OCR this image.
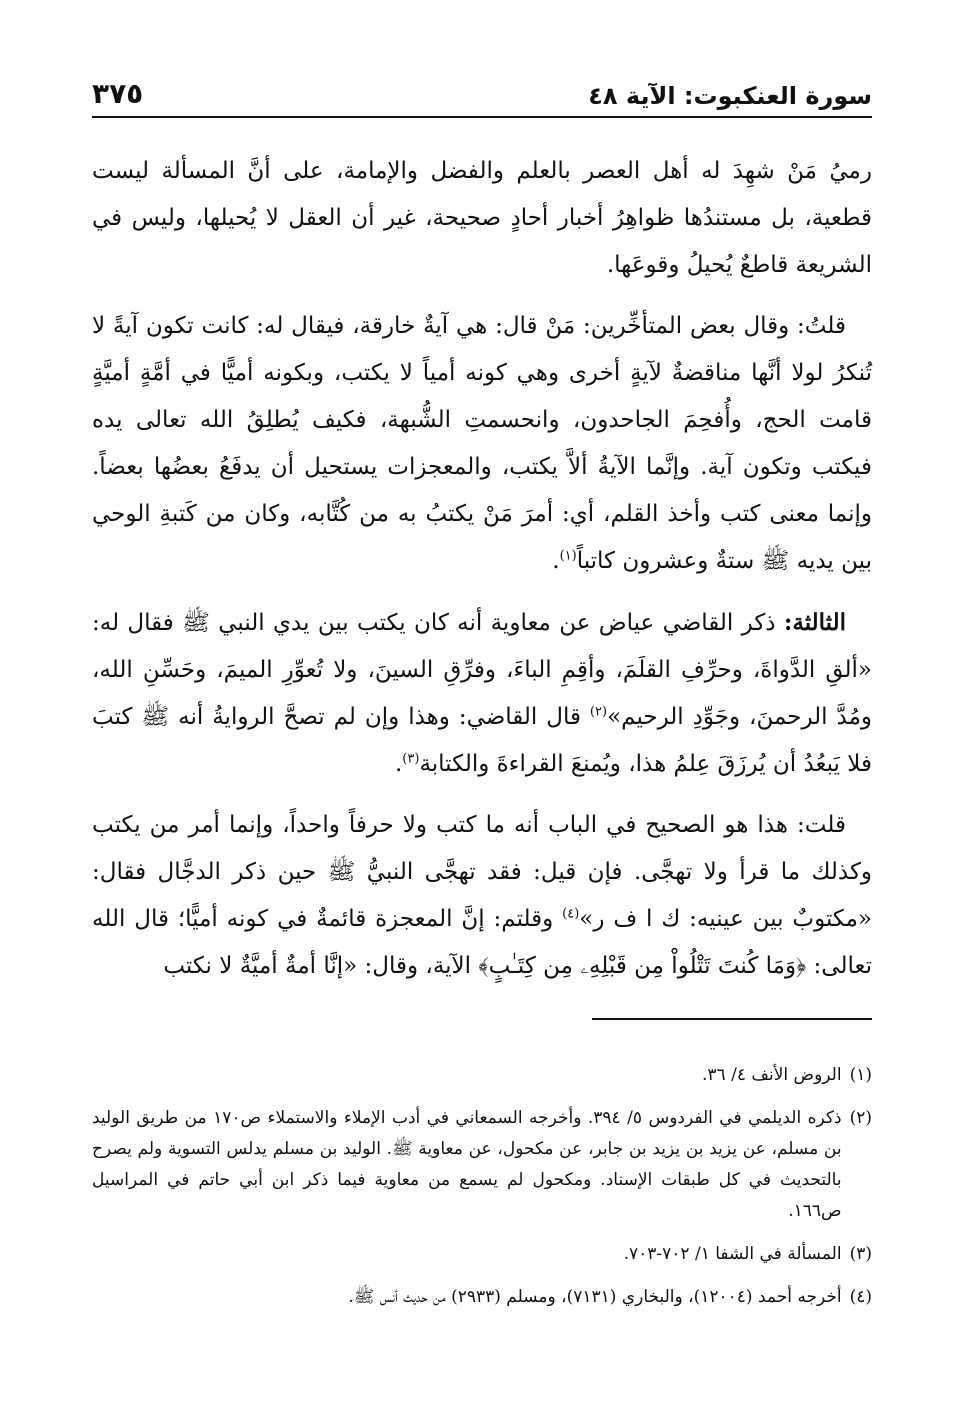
سورة العنكبوت: الآية ٤٨
٣٧٥

رميُ مَنْ شهِدَ له أهل العصر بالعلم والفضل والإمامة، على أنَّ المسألة ليست قطعية، بل مستندُها ظواهِرُ أخبار أحادٍ صحيحة، غير أن العقل لا يُحيلها، وليس في الشريعة قاطعٌ يُحيلُ وقوعَها.

قلتُ: وقال بعض المتأخِّرين: مَنْ قال: هي آيةٌ خارقة، فيقال له: كانت تكون آيةً لا تُنكرُ لولا أنَّها مناقضةٌ لآيةٍ أخرى وهي كونه أمياً لا يكتب، وبكونه أميًّا في أمَّةٍ أميَّةٍ قامت الحج، وأُفحِمَ الجاحدون، وانحسمتِ الشُّبهة، فكيف يُطلِقُ الله تعالى يده فيكتب وتكون آية. وإنَّما الآيةُ ألاَّ يكتب، والمعجزات يستحيل أن يدفَعُ بعضُها بعضاً. وإنما معنى كتب وأخذ القلم، أي: أمرَ مَنْ يكتبُ به من كُتَّابه، وكان من كَتبةِ الوحي بين يديه ﷺ ستةٌ وعشرون كاتباً$^{(١)}$.

الثالثة: ذكر القاضي عياض عن معاوية أنه كان يكتب بين يدي النبي ﷺ فقال له: «ألقِ الدَّواةَ، وحرِّفِ القلَمَ، وأقِمِ الباءَ، وفرِّقِ السينَ، ولا تُعوِّرِ الميمَ، وحَسِّنِ الله، ومُدَّ الرحمنَ، وجَوِّدِ الرحيم»$^{(٢)}$ قال القاضي: وهذا وإن لم تصحَّ الروايةُ أنه ﷺ كتبَ فلا يَبعُدُ أن يُرزَقَ عِلمُ هذا، ويُمنعَ القراءةَ والكتابة$^{(٣)}$.

قلت: هذا هو الصحيح في الباب أنه ما كتب ولا حرفاً واحداً، وإنما أمر من يكتب وكذلك ما قرأ ولا تهجَّى. فإن قيل: فقد تهجَّى النبيُّ ﷺ حين ذكر الدجَّال فقال: «مكتوبٌ بين عينيه: ك ا ف ر»$^{(٤)}$ وقلتم: إنَّ المعجزة قائمةٌ في كونه أميًّا؛ قال الله تعالى: ﴿وَمَا كُنتَ تَتْلُواْ مِن قَبْلِهِۦ مِن كِتَـٰبٍ﴾ الآية، وقال: «إنَّا أمةٌ أميَّةٌ لا نكتب

(١)
الروض الأنف ٤/ ٣٦.
(٢)
ذكره الديلمي في الفردوس ٥/ ٣٩٤. وأخرجه السمعاني في أدب الإملاء والاستملاء ص١٧٠ من طريق الوليد بن مسلم، عن يزيد بن يزيد بن جابر، عن مكحول، عن معاوية ﷺ. الوليد بن مسلم يدلس التسوية ولم يصرح بالتحديث في كل طبقات الإسناد. ومكحول لم يسمع من معاوية فيما ذكر ابن أبي حاتم في المراسيل ص١٦٦.
(٣)
المسألة في الشفا ١/ ٧٠٢-٧٠٣.
(٤)
أخرجه أحمد (١٢٠٠٤)، والبخاري (٧١٣١)، ومسلم (٢٩٣٣) من حديث أنس ﷺ.
